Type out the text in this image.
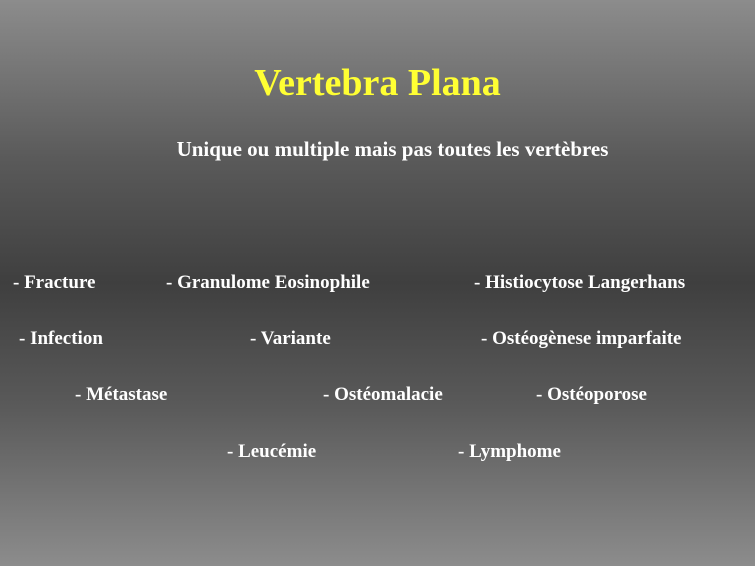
Vertebra Plana
Unique ou multiple mais pas toutes les vertèbres
- Fracture	- Granulome Eosinophile	- Histiocytose Langerhans
- Infection	- Variante	- Ostéogènese imparfaite
- Métastase	- Ostéomalacie	- Ostéoporose
- Leucémie	- Lymphome
